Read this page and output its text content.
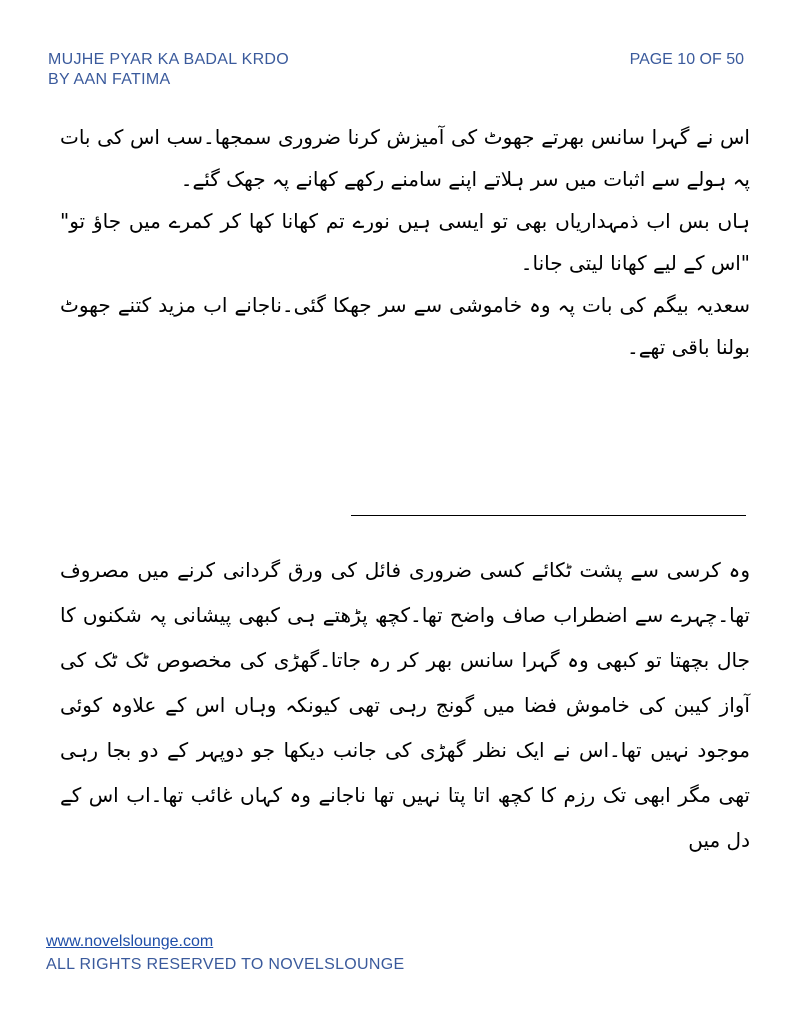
MUJHE PYAR KA BADAL KRDO
BY AAN FATIMA
PAGE 10 OF 50

اس نے گہرا سانس بھرتے جھوٹ کی آمیزش کرنا ضروری سمجھا۔سب اس کی بات پہ ہولے سے اثبات میں سر ہلاتے اپنے سامنے رکھے کھانے پہ جھک گئے۔

ہاں بس اب ذمہداریاں بھی تو ایسی ہیں نورے تم کھانا کھا کر کمرے میں جاؤ تو" "اس کے لیے کھانا لیتی جانا۔

سعدیہ بیگم کی بات پہ وہ خاموشی سے سر جھکا گئی۔ناجانے اب مزید کتنے جھوٹ بولنا باقی تھے۔

وہ کرسی سے پشت ٹکائے کسی ضروری فائل کی ورق گردانی کرنے میں مصروف تھا۔چہرے سے اضطراب صاف واضح تھا۔کچھ پڑھتے ہی کبھی پیشانی پہ شکنوں کا جال بچھتا تو کبھی وہ گہرا سانس بھر کر رہ جاتا۔گھڑی کی مخصوص ٹک ٹک کی آواز کیبن کی خاموش فضا میں گونج رہی تھی کیونکہ وہاں اس کے علاوہ کوئی موجود نہیں تھا۔اس نے ایک نظر گھڑی کی جانب دیکھا جو دوپہر کے دو بجا رہی تھی مگر ابھی تک رزم کا کچھ اتا پتا نہیں تھا ناجانے وہ کہاں غائب تھا۔اب اس کے دل میں

www.novelslounge.com
ALL RIGHTS RESERVED TO NOVELSLOUNGE
